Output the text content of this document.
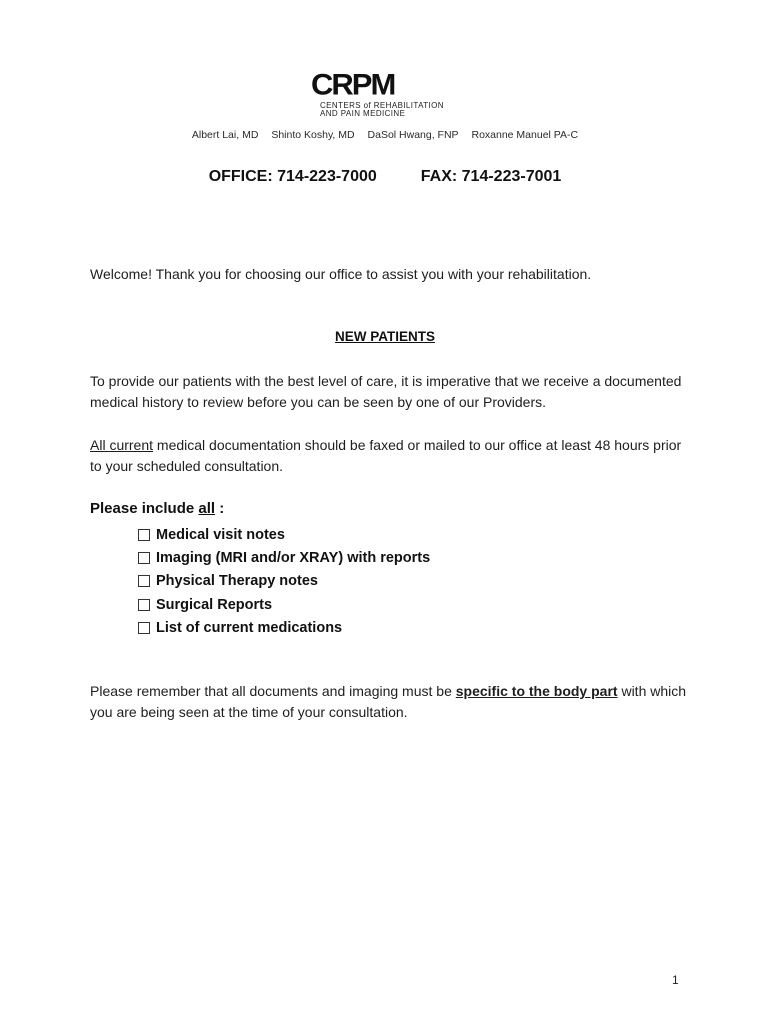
CRPM
CENTERS of REHABILITATION
AND PAIN MEDICINE
Albert Lai, MD Shinto Koshy, MD DaSol Hwang, FNP Roxanne Manuel PA-C
OFFICE: 714-223-7000	FAX: 714-223-7001
Welcome! Thank you for choosing our office to assist you with your rehabilitation.
NEW PATIENTS
To provide our patients with the best level of care, it is imperative that we receive a documented medical history to review before you can be seen by one of our Providers.
All current medical documentation should be faxed or mailed to our office at least 48 hours prior to your scheduled consultation.
Please include all :
Medical visit notes
Imaging (MRI and/or XRAY) with reports
Physical Therapy notes
Surgical Reports
List of current medications
Please remember that all documents and imaging must be specific to the body part with which you are being seen at the time of your consultation.
1
